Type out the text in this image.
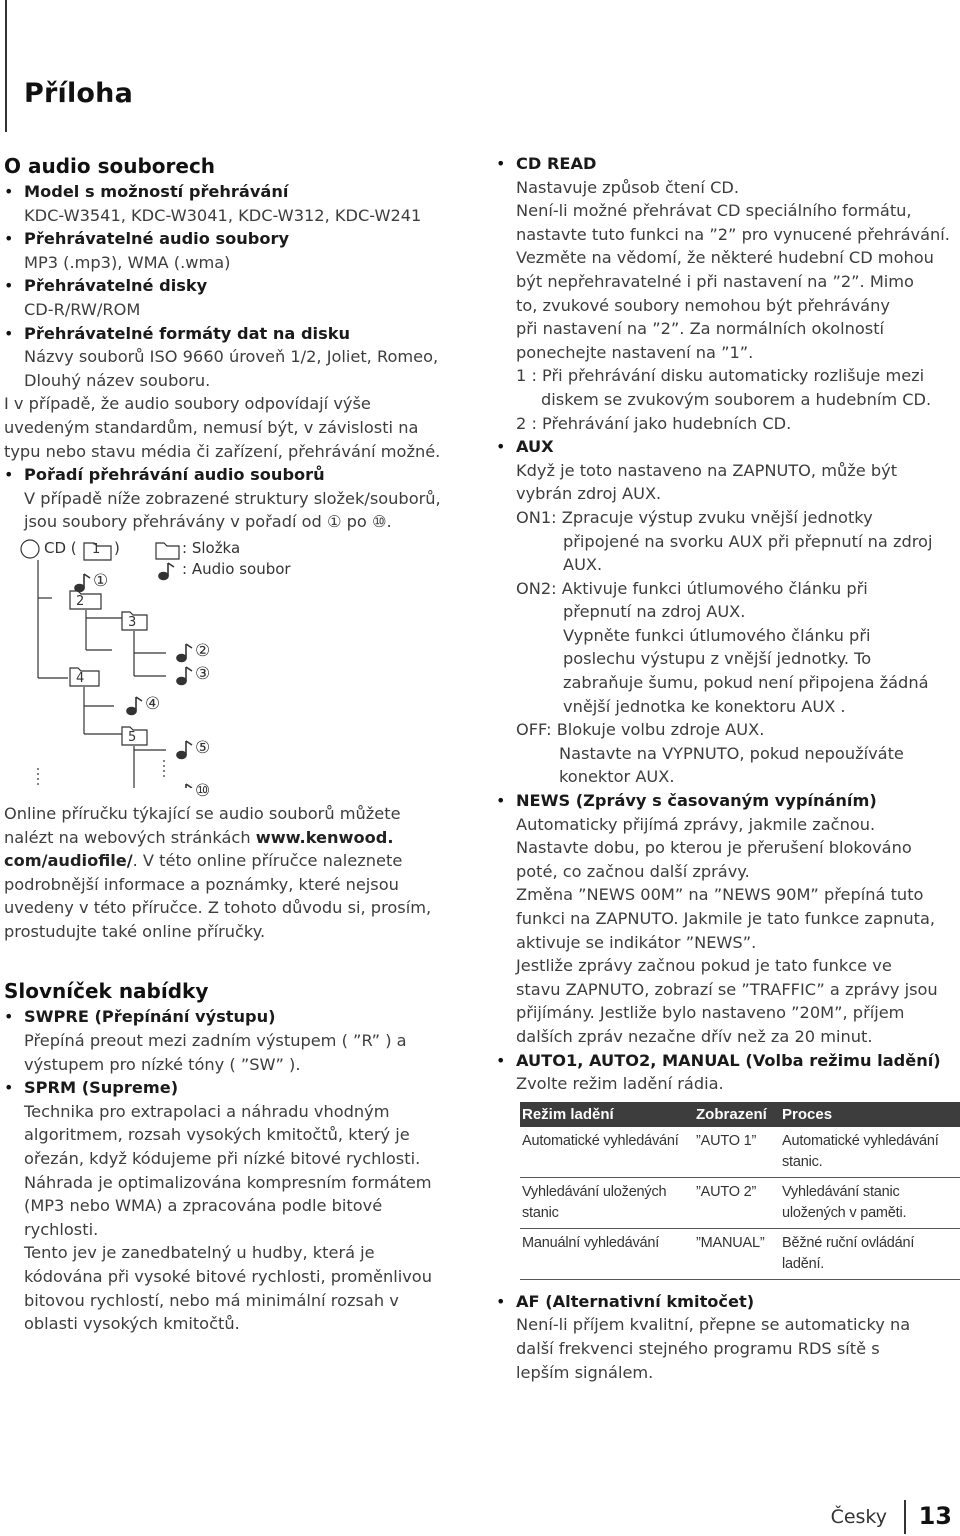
Příloha
O audio souborech
• Model s možností přehrávání

KDC-W3541, KDC-W3041, KDC-W312, KDC-W241

• Přehrávatelné audio soubory

MP3 (.mp3), WMA (.wma)

• Přehrávatelné disky

CD-R/RW/ROM

• Přehrávatelné formáty dat na disku

Názvy souborů ISO 9660 úroveň 1/2, Joliet, Romeo,

Dlouhý název souboru.

I v případě, že audio soubory odpovídají výše

uvedeným standardům, nemusí být, v závislosti na

typu nebo stavu média či zařízení, přehrávání možné.

• Pořadí přehrávání audio souborů

V případě níže zobrazené struktury složek/souborů,

jsou soubory přehrávány v pořadí od ① po ⑩.

CD ( 1 )	: Složka
: Audio soubor
2
3
4
5
①
②
③
④
⑤
⑩

Online příručku týkající se audio souborů můžete

nalézt na webových stránkách www.kenwood.

com/audiofile/. V této online příručce naleznete

podrobnější informace a poznámky, které nejsou

uvedeny v této příručce. Z tohoto důvodu si, prosím,

prostudujte také online příručky.

Slovníček nabídky
• SWPRE (Přepínání výstupu)

Přepíná preout mezi zadním výstupem ( ”R” ) a

výstupem pro nízké tóny ( ”SW” ).

• SPRM (Supreme)

Technika pro extrapolaci a náhradu vhodným

algoritmem, rozsah vysokých kmitočtů, který je

ořezán, když kódujeme při nízké bitové rychlosti.

Náhrada je optimalizována kompresním formátem

(MP3 nebo WMA) a zpracována podle bitové

rychlosti.

Tento jev je zanedbatelný u hudby, která je

kódována při vysoké bitové rychlosti, proměnlivou

bitovou rychlostí, nebo má minimální rozsah v

oblasti vysokých kmitočtů.

• CD READ

Nastavuje způsob čtení CD.

Není-li možné přehrávat CD speciálního formátu,

nastavte tuto funkci na ”2” pro vynucené přehrávání.

Vezměte na vědomí, že některé hudební CD mohou

být nepřehravatelné i při nastavení na ”2”. Mimo

to, zvukové soubory nemohou být přehrávány

při nastavení na ”2”. Za normálních okolností

ponechejte nastavení na ”1”.

1 : Při přehrávání disku automaticky rozlišuje mezi

diskem se zvukovým souborem a hudebním CD.

2 : Přehrávání jako hudebních CD.

• AUX

Když je toto nastaveno na ZAPNUTO, může být

vybrán zdroj AUX.

ON1: Zpracuje výstup zvuku vnější jednotky

připojené na svorku AUX při přepnutí na zdroj

AUX.

ON2: Aktivuje funkci útlumového článku při

přepnutí na zdroj AUX.

Vypněte funkci útlumového článku při

poslechu výstupu z vnější jednotky. To

zabraňuje šumu, pokud není připojena žádná

vnější jednotka ke konektoru AUX .

OFF: Blokuje volbu zdroje AUX.

Nastavte na VYPNUTO, pokud nepoužíváte

konektor AUX.

• NEWS (Zprávy s časovaným vypínáním)

Automaticky přijímá zprávy, jakmile začnou.

Nastavte dobu, po kterou je přerušení blokováno

poté, co začnou další zprávy.

Změna ”NEWS 00M” na ”NEWS 90M” přepíná tuto

funkci na ZAPNUTO. Jakmile je tato funkce zapnuta,

aktivuje se indikátor ”NEWS”.

Jestliže zprávy začnou pokud je tato funkce ve

stavu ZAPNUTO, zobrazí se ”TRAFFIC” a zprávy jsou

přijímány. Jestliže bylo nastaveno ”20M”, příjem

dalších zpráv nezačne dřív než za 20 minut.

• AUTO1, AUTO2, MANUAL (Volba režimu ladění)

Zvolte režim ladění rádia.

Režim ladění	Zobrazení	Proces
Automatické vyhledávání	”AUTO 1”	Automatické vyhledávání stanic.
Vyhledávání uložených stanic	”AUTO 2”	Vyhledávání stanic uložených v paměti.
Manuální vyhledávání	”MANUAL”	Běžné ruční ovládání ladění.
• AF (Alternativní kmitočet)

Není-li příjem kvalitní, přepne se automaticky na

další frekvenci stejného programu RDS sítě s

lepším signálem.

Česky 13
